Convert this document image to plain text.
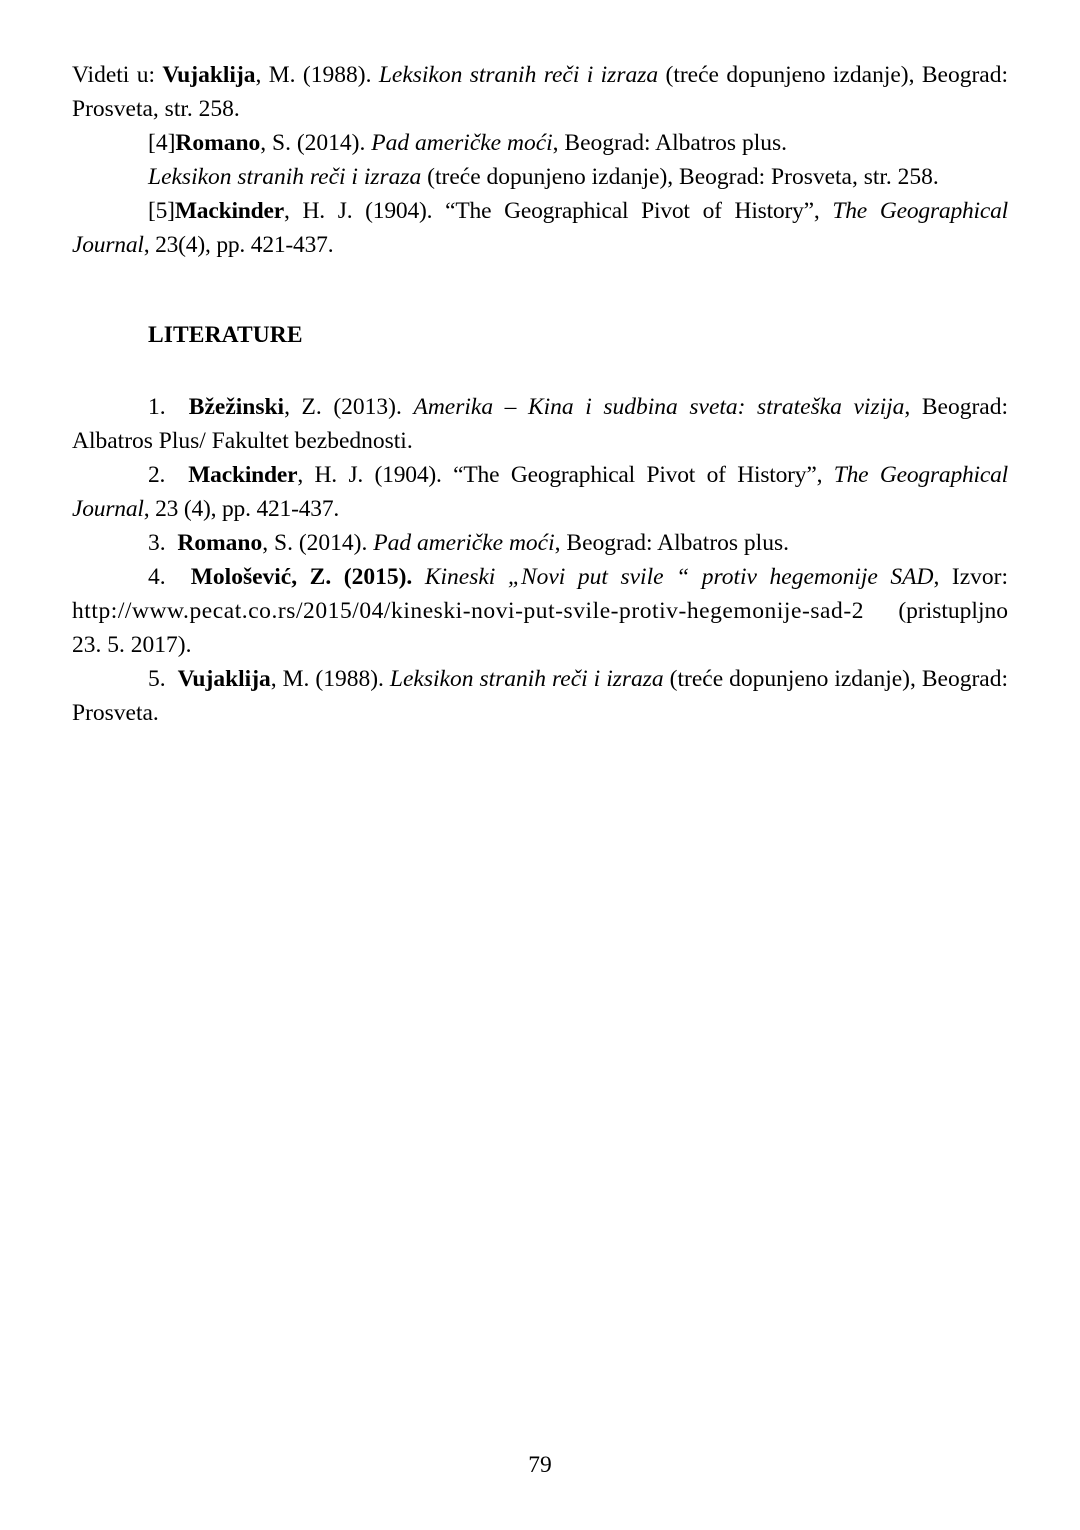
Videti u: Vujaklija, M. (1988). Leksikon stranih reči i izraza (treće dopunjeno izdanje), Beograd: Prosveta, str. 258.

[4]Romano, S. (2014). Pad američke moći, Beograd: Albatros plus.

Leksikon stranih reči i izraza (treće dopunjeno izdanje), Beograd: Prosveta, str. 258.

[5]Mackinder, H. J. (1904). “The Geographical Pivot of History”, The Geographical Journal, 23(4), pp. 421-437.

LITERATURE

1. Bžežinski, Z. (2013). Amerika – Kina i sudbina sveta: strateška vizija, Beograd: Albatros Plus/ Fakultet bezbednosti.

2. Mackinder, H. J. (1904). “The Geographical Pivot of History”, The Geographical Journal, 23 (4), pp. 421-437.

3. Romano, S. (2014). Pad američke moći, Beograd: Albatros plus.

4. Mološević, Z. (2015). Kineski „Novi put svile “ protiv hegemonije SAD, Izvor: http://www.pecat.co.rs/2015/04/kineski-novi-put-svile-protiv-hegemonije-sad-2 (pristupljno 23. 5. 2017).

5. Vujaklija, M. (1988). Leksikon stranih reči i izraza (treće dopunjeno izdanje), Beograd: Prosveta.

79
